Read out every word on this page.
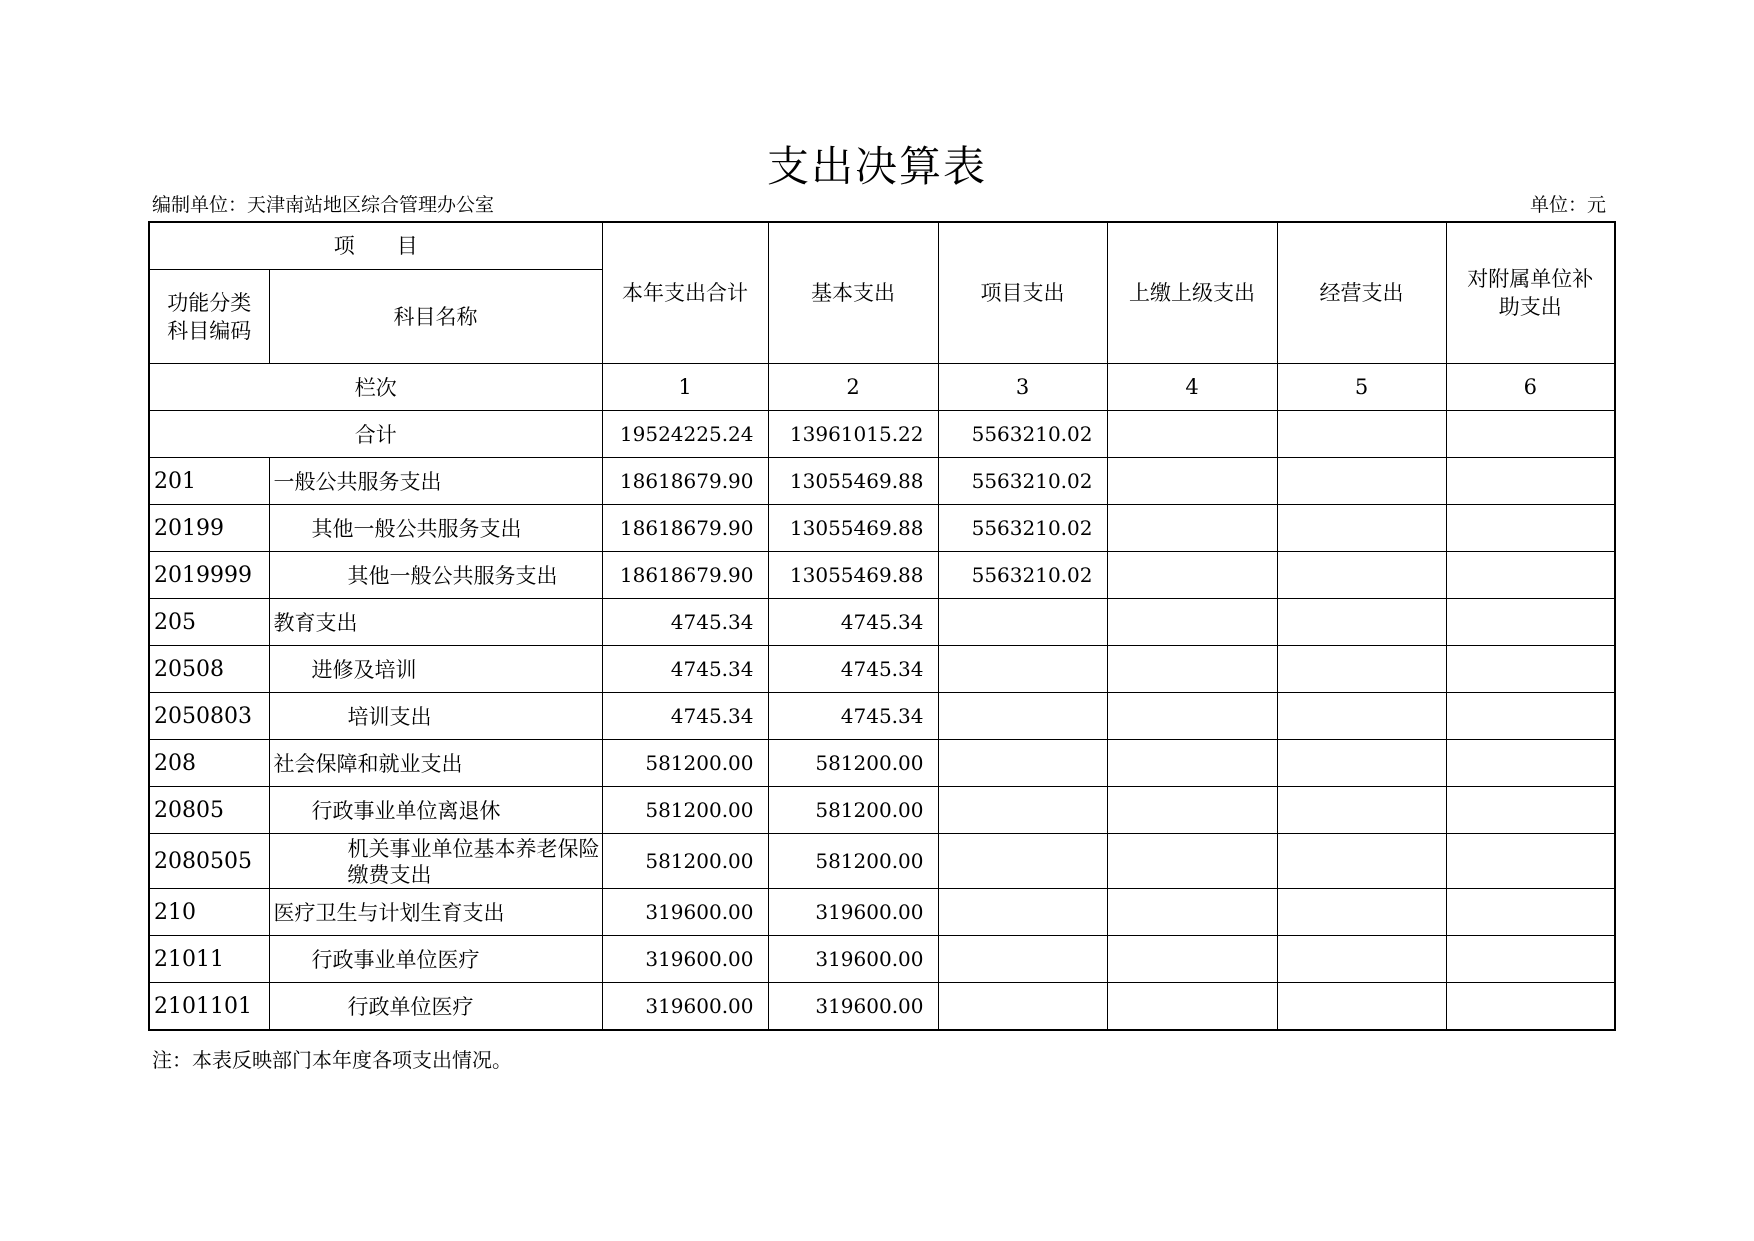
支出决算表
编制单位：天津南站地区综合管理办公室	单位：元
项　　目		本年支出合计	基本支出	项目支出	上缴上级支出	经营支出	对附属单位补助支出
功能分类科目编码	科目名称						
栏次		1	2	3	4	5	6
合计		19524225.24	13961015.22	5563210.02			
201	一般公共服务支出	18618679.90	13055469.88	5563210.02			
20199	其他一般公共服务支出	18618679.90	13055469.88	5563210.02			
2019999	其他一般公共服务支出	18618679.90	13055469.88	5563210.02			
205	教育支出	4745.34	4745.34				
20508	进修及培训	4745.34	4745.34				
2050803	培训支出	4745.34	4745.34				
208	社会保障和就业支出	581200.00	581200.00				
20805	行政事业单位离退休	581200.00	581200.00				
2080505	机关事业单位基本养老保险缴费支出	581200.00	581200.00				
210	医疗卫生与计划生育支出	319600.00	319600.00				
21011	行政事业单位医疗	319600.00	319600.00				
2101101	行政单位医疗	319600.00	319600.00				
注：本表反映部门本年度各项支出情况。
